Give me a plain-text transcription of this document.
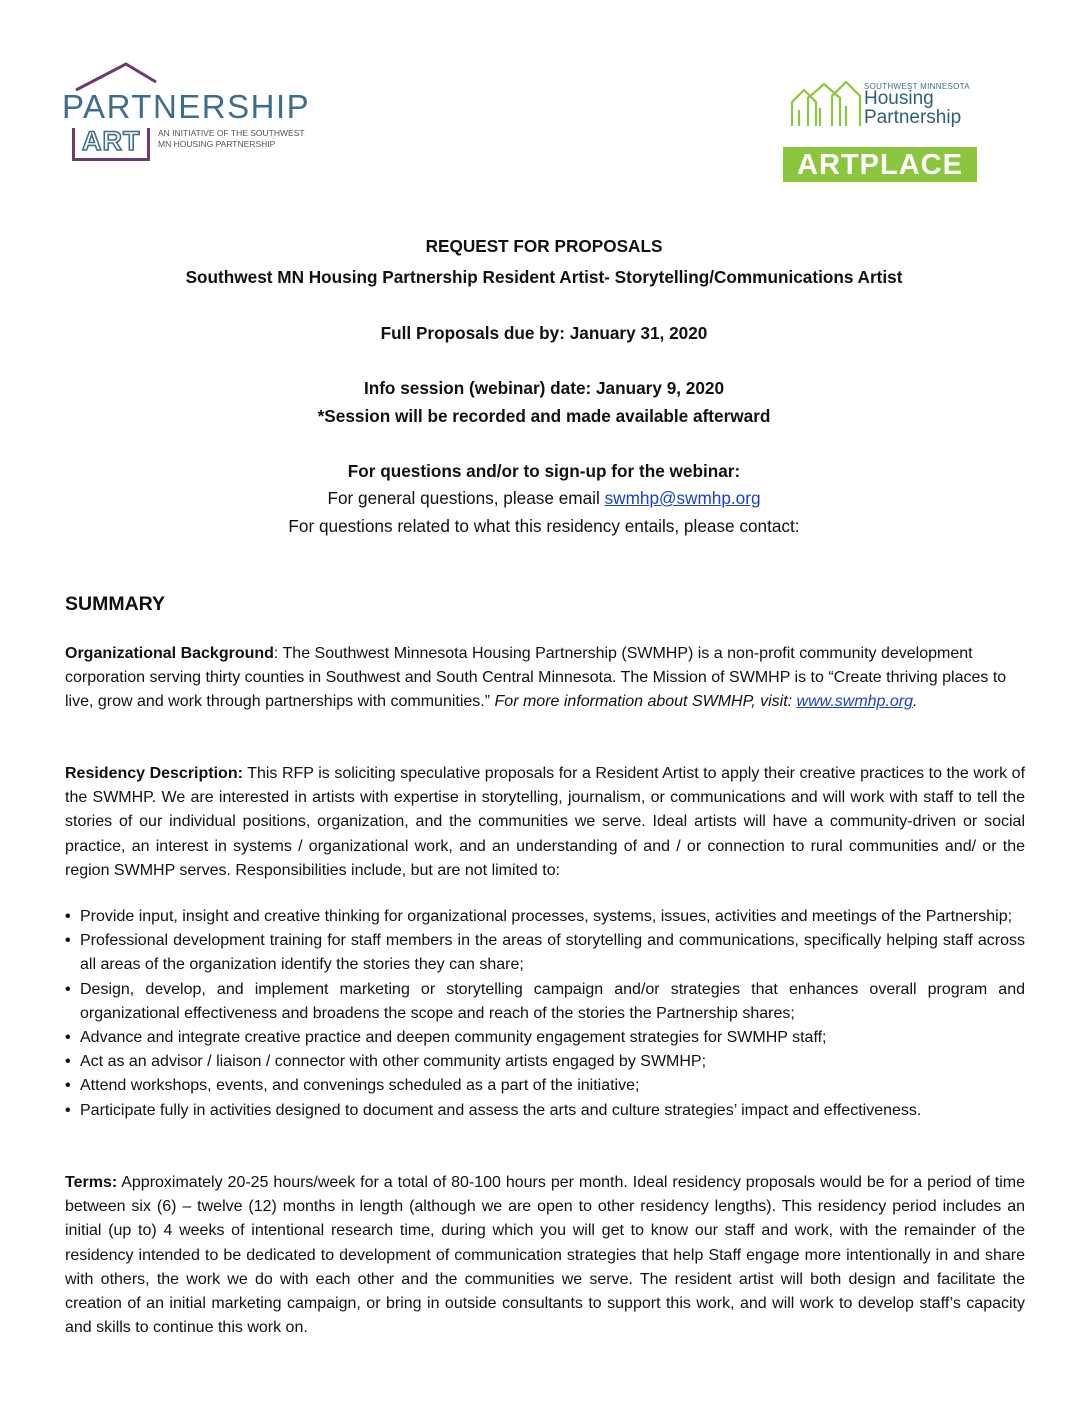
PARTNERSHIP
ART AN INITIATIVE OF THE SOUTHWEST MN HOUSING PARTNERSHIP
SOUTHWEST MINNESOTA
Housing
Partnership
ARTPLACE
REQUEST FOR PROPOSALS
Southwest MN Housing Partnership Resident Artist- Storytelling/Communications Artist
Full Proposals due by: January 31, 2020
Info session (webinar) date: January 9, 2020
*Session will be recorded and made available afterward
For questions and/or to sign-up for the webinar:
For general questions, please email swmhp@swmhp.org
For questions related to what this residency entails, please contact:
SUMMARY
Organizational Background: The Southwest Minnesota Housing Partnership (SWMHP) is a non-profit community development corporation serving thirty counties in Southwest and South Central Minnesota. The Mission of SWMHP is to “Create thriving places to live, grow and work through partnerships with communities.” For more information about SWMHP, visit: www.swmhp.org.
Residency Description: This RFP is soliciting speculative proposals for a Resident Artist to apply their creative practices to the work of the SWMHP. We are interested in artists with expertise in storytelling, journalism, or communications and will work with staff to tell the stories of our individual positions, organization, and the communities we serve. Ideal artists will have a community-driven or social practice, an interest in systems / organizational work, and an understanding of and / or connection to rural communities and/ or the region SWMHP serves. Responsibilities include, but are not limited to:
• Provide input, insight and creative thinking for organizational processes, systems, issues, activities and meetings of the Partnership;
• Professional development training for staff members in the areas of storytelling and communications, specifically helping staff across all areas of the organization identify the stories they can share;
• Design, develop, and implement marketing or storytelling campaign and/or strategies that enhances overall program and organizational effectiveness and broadens the scope and reach of the stories the Partnership shares;
• Advance and integrate creative practice and deepen community engagement strategies for SWMHP staff;
• Act as an advisor / liaison / connector with other community artists engaged by SWMHP;
• Attend workshops, events, and convenings scheduled as a part of the initiative;
• Participate fully in activities designed to document and assess the arts and culture strategies’ impact and effectiveness.
Terms: Approximately 20-25 hours/week for a total of 80-100 hours per month. Ideal residency proposals would be for a period of time between six (6) – twelve (12) months in length (although we are open to other residency lengths). This residency period includes an initial (up to) 4 weeks of intentional research time, during which you will get to know our staff and work, with the remainder of the residency intended to be dedicated to development of communication strategies that help Staff engage more intentionally in and share with others, the work we do with each other and the communities we serve. The resident artist will both design and facilitate the creation of an initial marketing campaign, or bring in outside consultants to support this work, and will work to develop staff’s capacity and skills to continue this work on.
